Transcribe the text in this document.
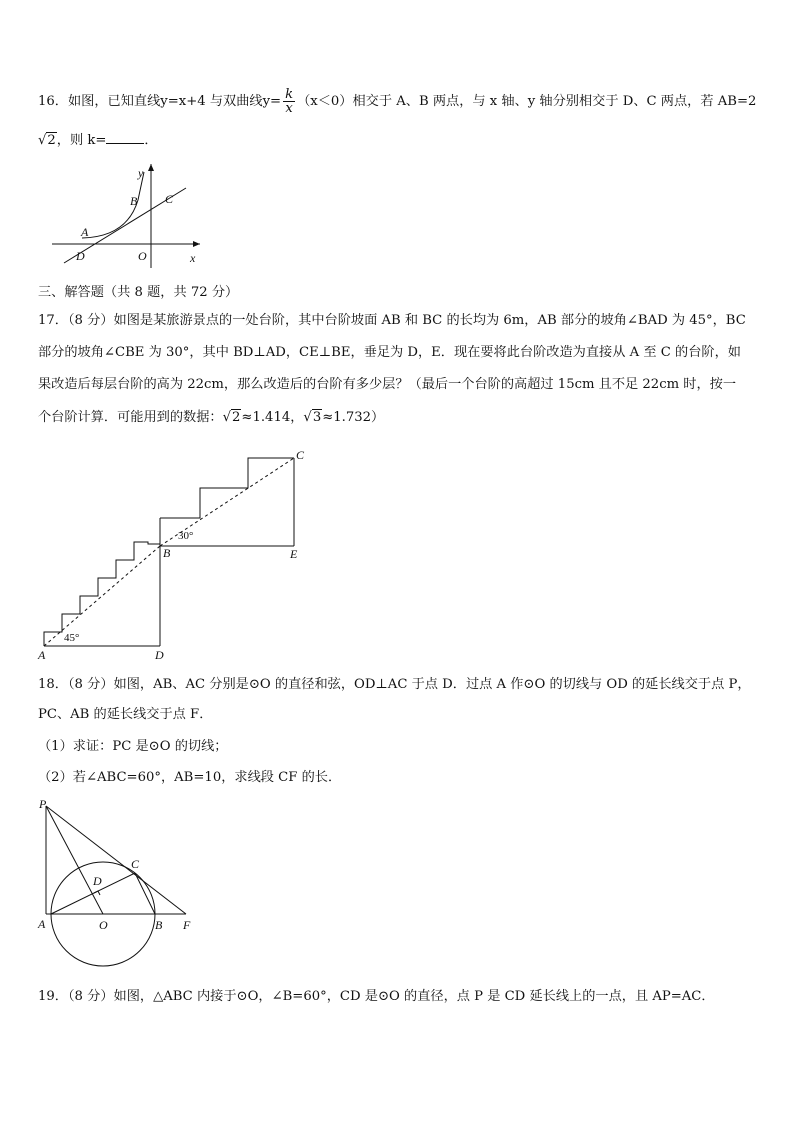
16．如图，已知直线y=x+4 与双曲线$y= \frac{k}{x} (x<0)$相交于 A、B 两点，与 x 轴、y 轴分别相交于 D、C 两点，若 AB=2
√2，则 k=	．
y
x
A
B C
D	O
三、解答题（共 8 题，共 72 分）
17．（8 分）如图是某旅游景点的一处台阶，其中台阶坡面 AB 和 BC 的长均为 6m，AB 部分的坡角∠BAD 为 45°，BC
部分的坡角∠CBE 为 30°，其中 BD⊥AD，CE⊥BE，垂足为 D，E．现在要将此台阶改造为直接从 A 至 C 的台阶，如
果改造后每层台阶的高为 22cm，那么改造后的台阶有多少层？（最后一个台阶的高超过 15cm 且不足 22cm 时，按一
个台阶计算．可能用到的数据：√2≈1.414，√3≈1.732）
A
B
C
D
E
45°
30°
18．（8 分）如图，AB、AC 分别是⊙O 的直径和弦，OD⊥AC 于点 D．过点 A 作⊙O 的切线与 OD 的延长线交于点 P，
PC、AB 的延长线交于点 F．
（1）求证：PC 是⊙O 的切线；
（2）若∠ABC=60°，AB=10，求线段 CF 的长．
P
C
D
A	O	B F
19．（8 分）如图，△ABC 内接于⊙O，∠B=60°，CD 是⊙O 的直径，点 P 是 CD 延长线上的一点，且 AP=AC．
